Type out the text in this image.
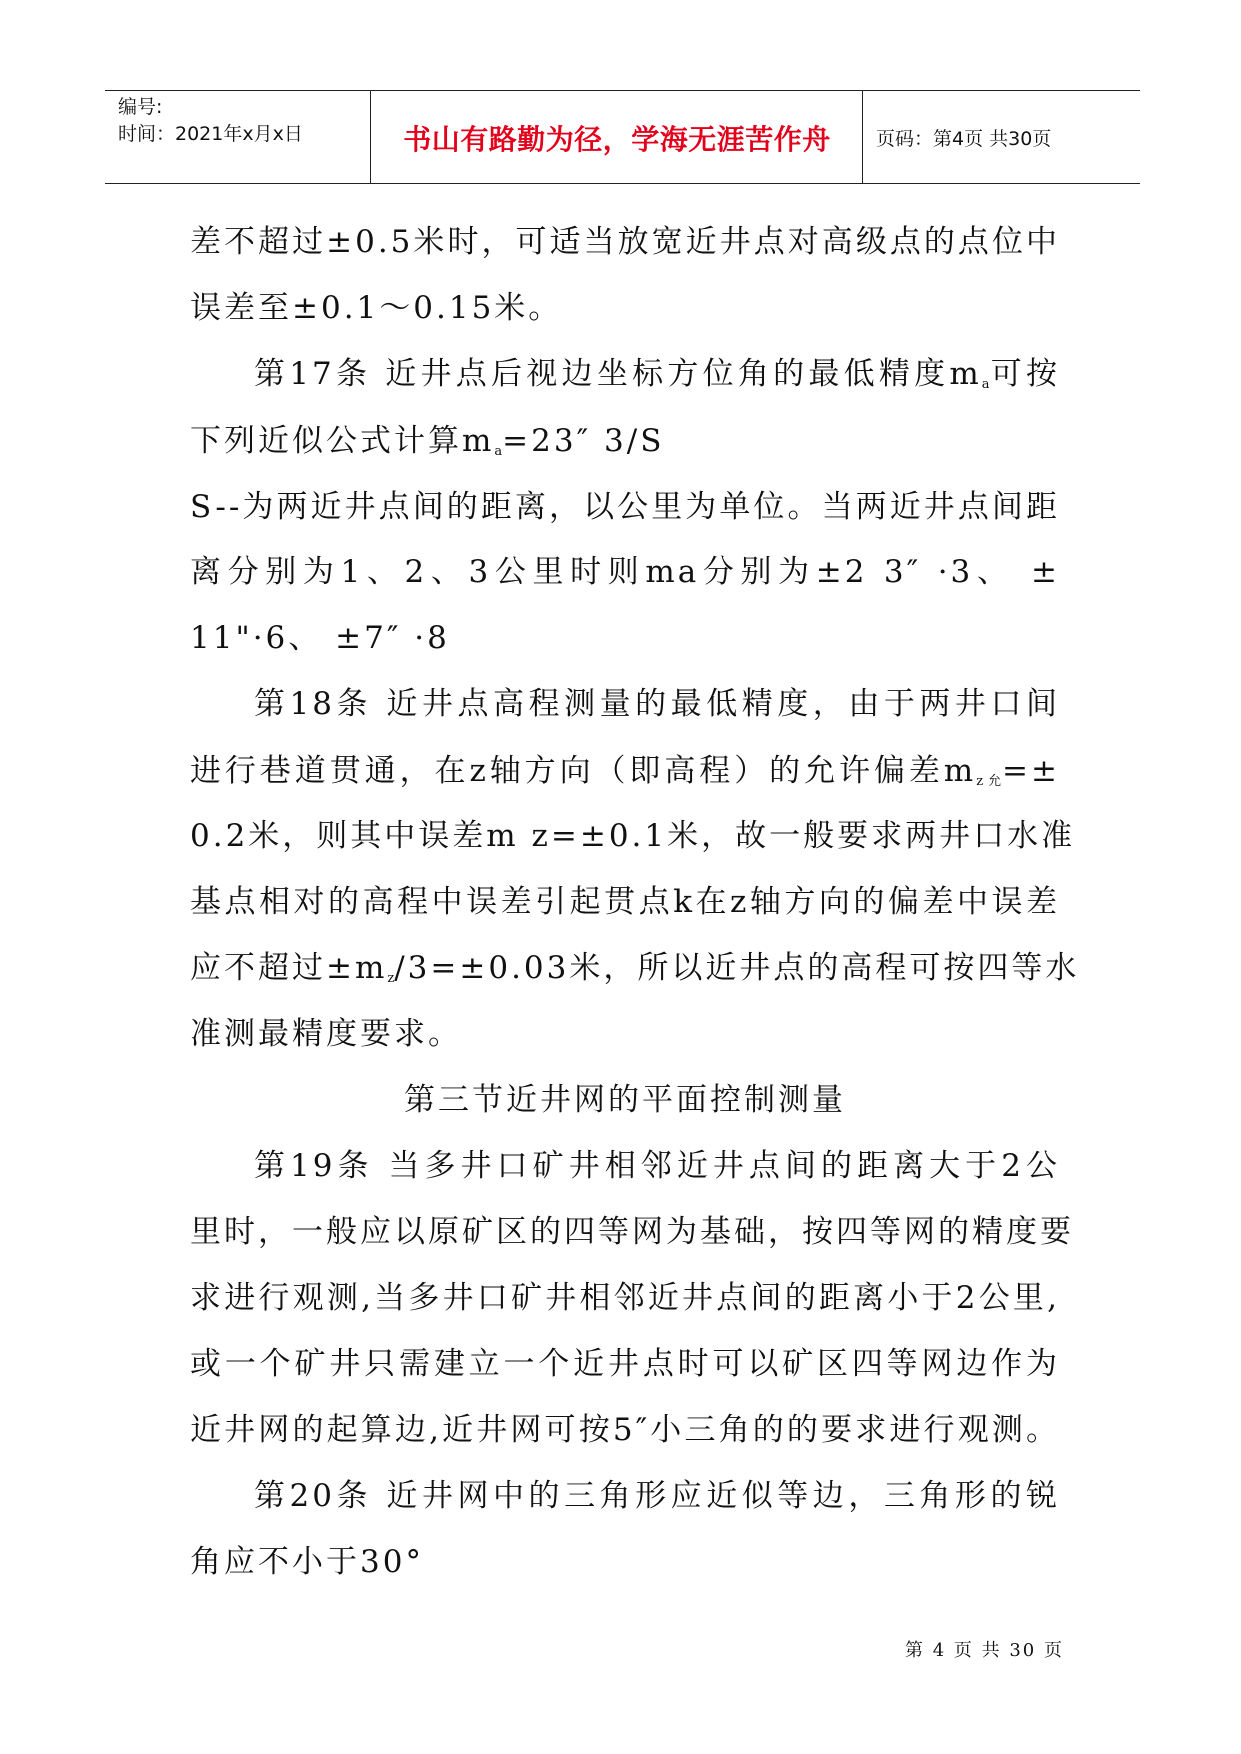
编号:
时间：2021年x月x日	书山有路勤为径，学海无涯苦作舟	页码：第4页 共30页
差不超过±0.5米时，可适当放宽近井点对高级点的点位中
误差至±0.1～0.15米。
第17条 近井点后视边坐标方位角的最低精度$m_a$可按
下列近似公式计算$m_a=23''$ 3/S
S--为两近井点间的距离，以公里为单位。当两近井点间距
离分别为1、2、3公里时则ma分别为±2 3″ ·3、 ±
11"·6、 ±7″ ·8
第18条 近井点高程测量的最低精度，由于两井口间
进行巷道贯通，在z轴方向（即高程）的允许偏差$m_{z 允}=\pm$
0.2米，则其中误差m z=±0.1米，故一般要求两井口水准
基点相对的高程中误差引起贯点k在z轴方向的偏差中误差
应不超过$\pm m_z/3=\pm 0.03$米，所以近井点的高程可按四等水
准测最精度要求。
第三节近井网的平面控制测量
第19条 当多井口矿井相邻近井点间的距离大于2公
里时，一般应以原矿区的四等网为基础，按四等网的精度要
求进行观测,当多井口矿井相邻近井点间的距离小于2公里,
或一个矿井只需建立一个近井点时可以矿区四等网边作为
近井网的起算边,近井网可按5″小三角的的要求进行观测。
第20条 近井网中的三角形应近似等边，三角形的锐
角应不小于30°
第 4 页 共 30 页
